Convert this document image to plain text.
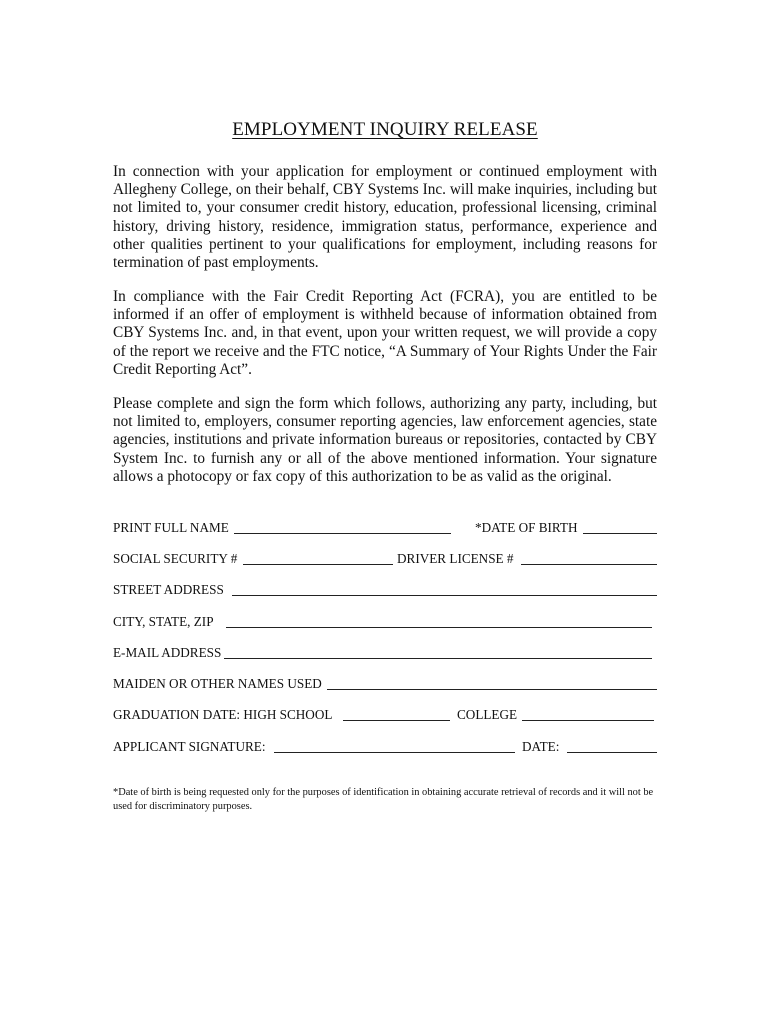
EMPLOYMENT INQUIRY RELEASE

In connection with your application for employment or continued employment with Allegheny College, on their behalf, CBY Systems Inc. will make inquiries, including but not limited to, your consumer credit history, education, professional licensing, criminal history, driving history, residence, immigration status, performance, experience and other qualities pertinent to your qualifications for employment, including reasons for termination of past employments.

In compliance with the Fair Credit Reporting Act (FCRA), you are entitled to be informed if an offer of employment is withheld because of information obtained from CBY Systems Inc. and, in that event, upon your written request, we will provide a copy of the report we receive and the FTC notice, “A Summary of Your Rights Under the Fair Credit Reporting Act”.

Please complete and sign the form which follows, authorizing any party, including, but not limited to, employers, consumer reporting agencies, law enforcement agencies, state agencies, institutions and private information bureaus or repositories, contacted by CBY System Inc. to furnish any or all of the above mentioned information. Your signature allows a photocopy or fax copy of this authorization to be as valid as the original.

PRINT FULL NAME	*DATE OF BIRTH
SOCIAL SECURITY #	DRIVER LICENSE #
STREET ADDRESS
CITY, STATE, ZIP
E-MAIL ADDRESS
MAIDEN OR OTHER NAMES USED
GRADUATION DATE: HIGH SCHOOL	COLLEGE
APPLICANT SIGNATURE:	DATE:

*Date of birth is being requested only for the purposes of identification in obtaining accurate retrieval of records and it will not be used for discriminatory purposes.
